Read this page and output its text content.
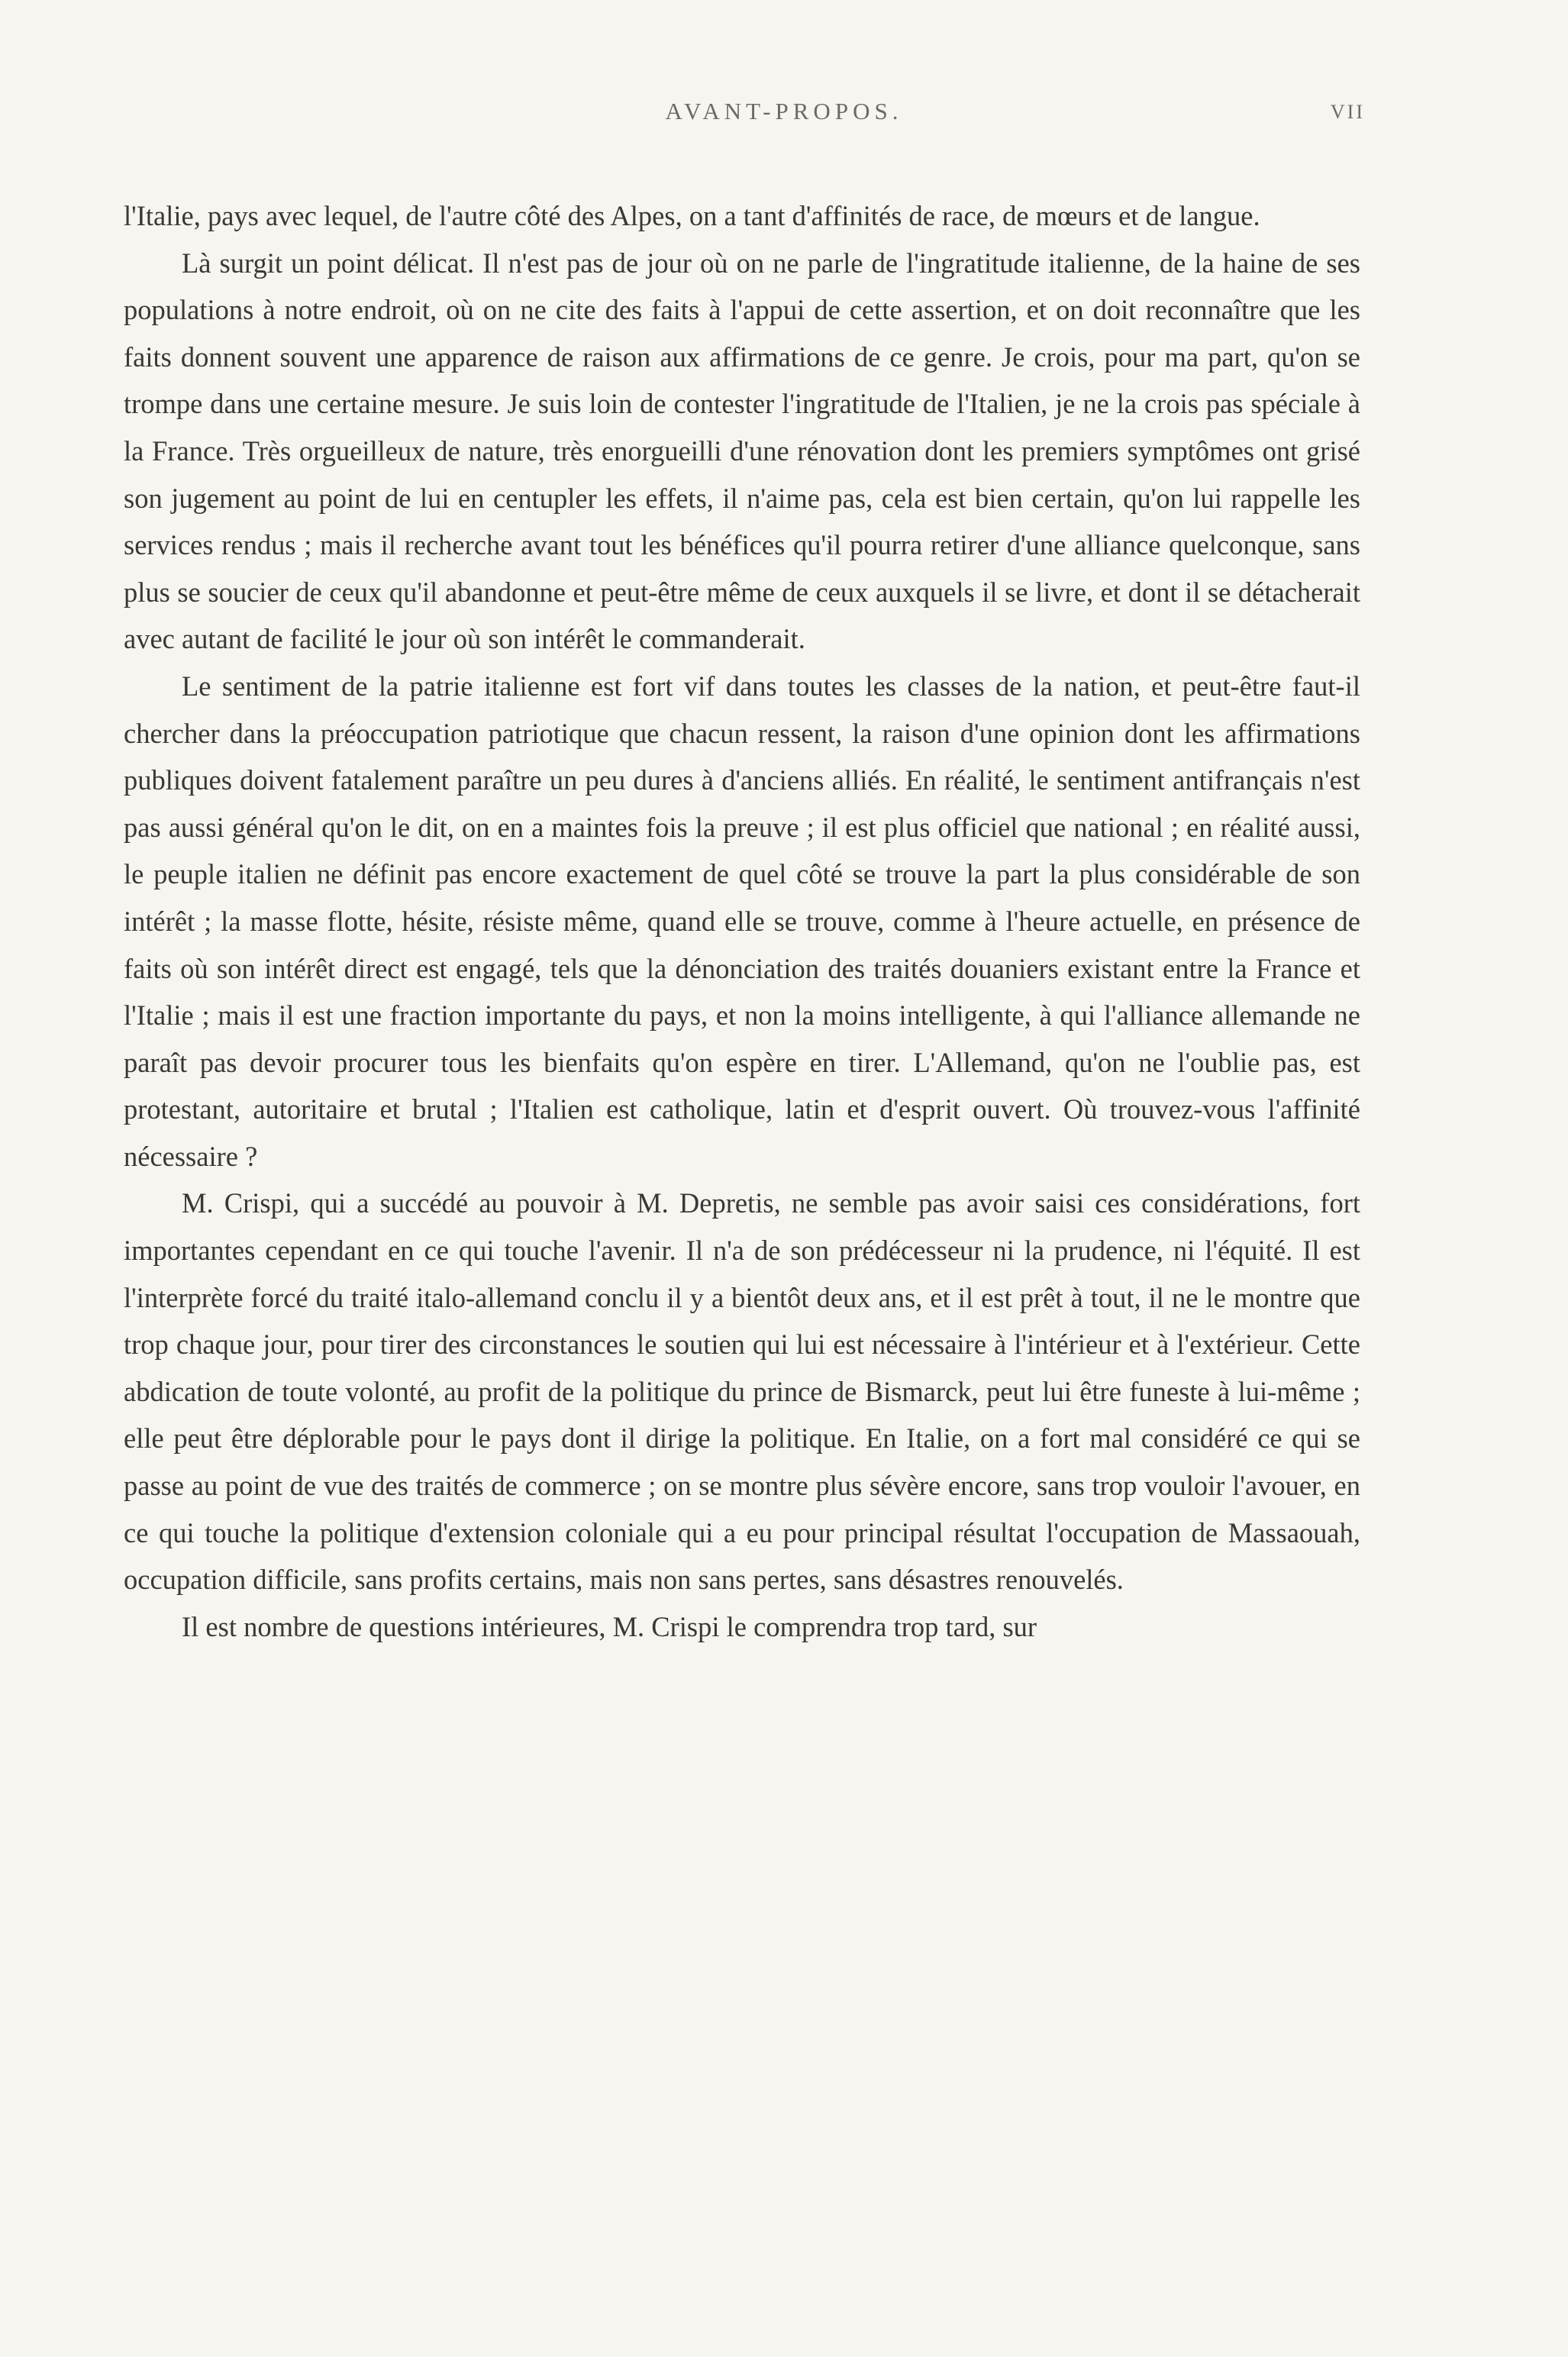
AVANT-PROPOS.	VII

l'Italie, pays avec lequel, de l'autre côté des Alpes, on a tant d'affinités de race, de mœurs et de langue.

Là surgit un point délicat. Il n'est pas de jour où on ne parle de l'ingratitude italienne, de la haine de ses populations à notre endroit, où on ne cite des faits à l'appui de cette assertion, et on doit reconnaître que les faits donnent souvent une apparence de raison aux affirmations de ce genre. Je crois, pour ma part, qu'on se trompe dans une certaine mesure. Je suis loin de contester l'ingratitude de l'Italien, je ne la crois pas spéciale à la France. Très orgueilleux de nature, très enorgueilli d'une rénovation dont les premiers symptômes ont grisé son jugement au point de lui en centupler les effets, il n'aime pas, cela est bien certain, qu'on lui rappelle les services rendus ; mais il recherche avant tout les bénéfices qu'il pourra retirer d'une alliance quelconque, sans plus se soucier de ceux qu'il abandonne et peut-être même de ceux auxquels il se livre, et dont il se détacherait avec autant de facilité le jour où son intérêt le commanderait.

Le sentiment de la patrie italienne est fort vif dans toutes les classes de la nation, et peut-être faut-il chercher dans la préoccupation patriotique que chacun ressent, la raison d'une opinion dont les affirmations publiques doivent fatalement paraître un peu dures à d'anciens alliés. En réalité, le sentiment antifrançais n'est pas aussi général qu'on le dit, on en a maintes fois la preuve ; il est plus officiel que national ; en réalité aussi, le peuple italien ne définit pas encore exactement de quel côté se trouve la part la plus considérable de son intérêt ; la masse flotte, hésite, résiste même, quand elle se trouve, comme à l'heure actuelle, en présence de faits où son intérêt direct est engagé, tels que la dénonciation des traités douaniers existant entre la France et l'Italie ; mais il est une fraction importante du pays, et non la moins intelligente, à qui l'alliance allemande ne paraît pas devoir procurer tous les bienfaits qu'on espère en tirer. L'Allemand, qu'on ne l'oublie pas, est protestant, autoritaire et brutal ; l'Italien est catholique, latin et d'esprit ouvert. Où trouvez-vous l'affinité nécessaire ?

M. Crispi, qui a succédé au pouvoir à M. Depretis, ne semble pas avoir saisi ces considérations, fort importantes cependant en ce qui touche l'avenir. Il n'a de son prédécesseur ni la prudence, ni l'équité. Il est l'interprète forcé du traité italo-allemand conclu il y a bientôt deux ans, et il est prêt à tout, il ne le montre que trop chaque jour, pour tirer des circonstances le soutien qui lui est nécessaire à l'intérieur et à l'extérieur. Cette abdication de toute volonté, au profit de la politique du prince de Bismarck, peut lui être funeste à lui-même ; elle peut être déplorable pour le pays dont il dirige la politique. En Italie, on a fort mal considéré ce qui se passe au point de vue des traités de commerce ; on se montre plus sévère encore, sans trop vouloir l'avouer, en ce qui touche la politique d'extension coloniale qui a eu pour principal résultat l'occupation de Massaouah, occupation difficile, sans profits certains, mais non sans pertes, sans désastres renouvelés.

Il est nombre de questions intérieures, M. Crispi le comprendra trop tard, sur
